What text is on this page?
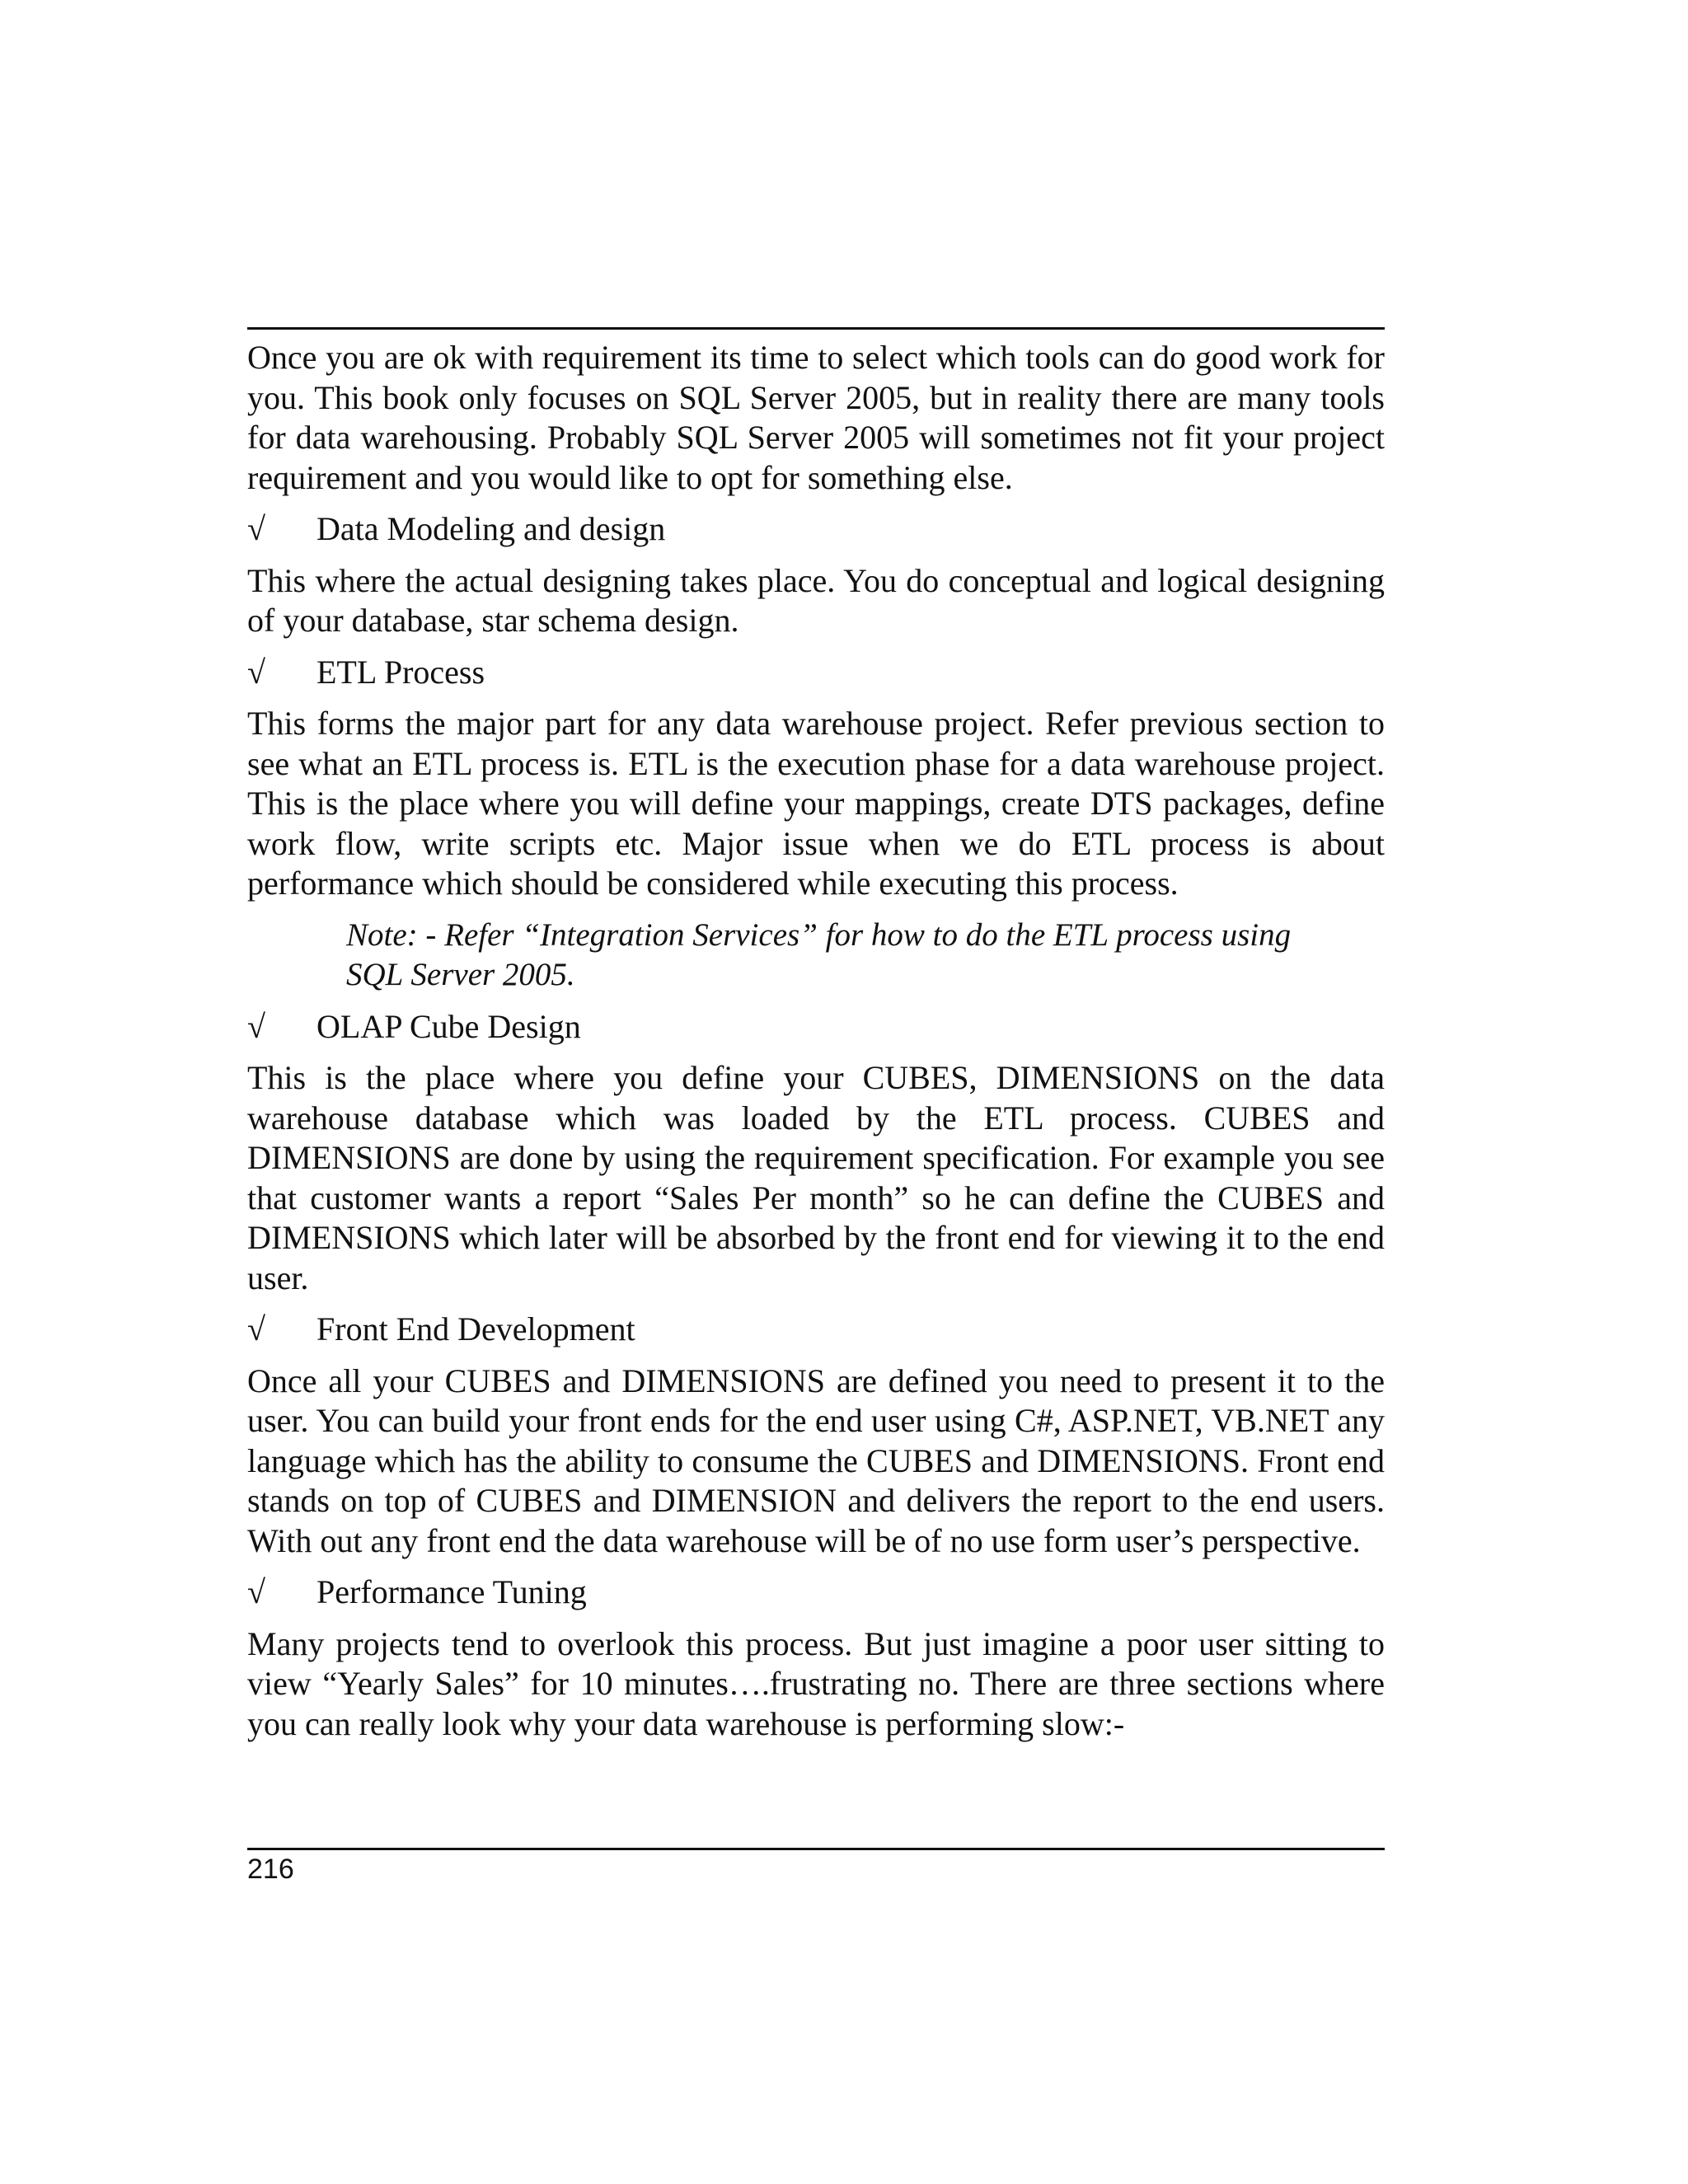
Once you are ok with requirement its time to select which tools can do good work for you. This book only focuses on SQL Server 2005, but in reality there are many tools for data warehousing. Probably SQL Server 2005 will sometimes not fit your project requirement and you would like to opt for something else.

√	Data Modeling and design

This where the actual designing takes place. You do conceptual and logical designing of your database, star schema design.

√	ETL Process

This forms the major part for any data warehouse project. Refer previous section to see what an ETL process is. ETL is the execution phase for a data warehouse project. This is the place where you will define your mappings, create DTS packages, define work flow, write scripts etc. Major issue when we do ETL process is about performance which should be considered while executing this process.

Note: - Refer “Integration Services” for how to do the ETL process using SQL Server 2005.

√	OLAP Cube Design

This is the place where you define your CUBES, DIMENSIONS on the data warehouse database which was loaded by the ETL process. CUBES and DIMENSIONS are done by using the requirement specification. For example you see that customer wants a report “Sales Per month” so he can define the CUBES and DIMENSIONS which later will be absorbed by the front end for viewing it to the end user.

√	Front End Development

Once all your CUBES and DIMENSIONS are defined you need to present it to the user. You can build your front ends for the end user using C#, ASP.NET, VB.NET any language which has the ability to consume the CUBES and DIMENSIONS. Front end stands on top of CUBES and DIMENSION and delivers the report to the end users. With out any front end the data warehouse will be of no use form user’s perspective.

√	Performance Tuning

Many projects tend to overlook this process. But just imagine a poor user sitting to view “Yearly Sales” for 10 minutes….frustrating no. There are three sections where you can really look why your data warehouse is performing slow:-

216
